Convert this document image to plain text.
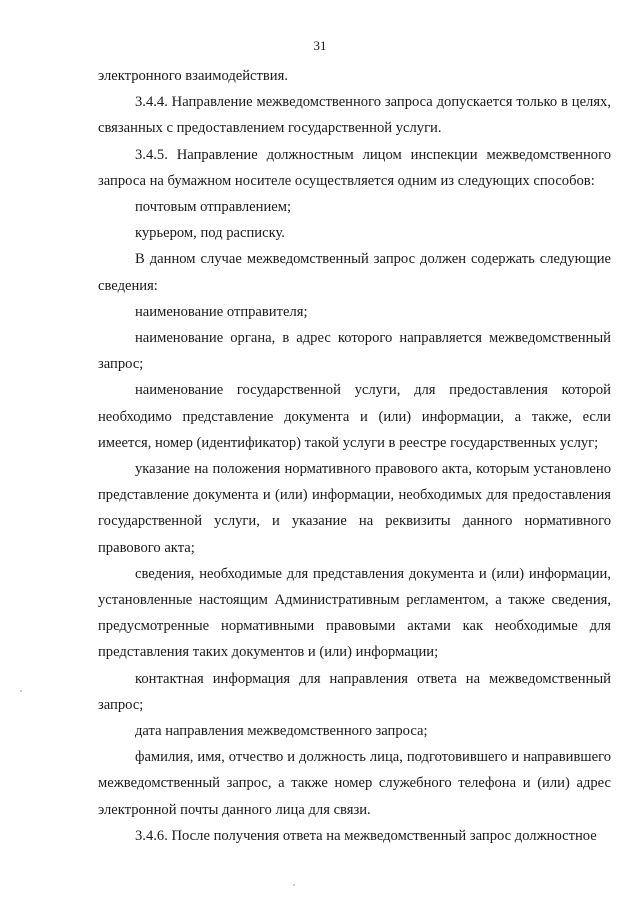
31

электронного взаимодействия.

3.4.4. Направление межведомственного запроса допускается только в целях, связанных с предоставлением государственной услуги.

3.4.5. Направление должностным лицом инспекции межведомственного запроса на бумажном носителе осуществляется одним из следующих способов:

почтовым отправлением;

курьером, под расписку.

В данном случае межведомственный запрос должен содержать следующие сведения:

наименование отправителя;

наименование органа, в адрес которого направляется межведомственный запрос;

наименование государственной услуги, для предоставления которой необходимо представление документа и (или) информации, а также, если имеется, номер (идентификатор) такой услуги в реестре государственных услуг;

указание на положения нормативного правового акта, которым установлено представление документа и (или) информации, необходимых для предоставления государственной услуги, и указание на реквизиты данного нормативного правового акта;

сведения, необходимые для представления документа и (или) информации, установленные настоящим Административным регламентом, а также сведения, предусмотренные нормативными правовыми актами как необходимые для представления таких документов и (или) информации;

контактная информация для направления ответа на межведомственный запрос;

дата направления межведомственного запроса;

фамилия, имя, отчество и должность лица, подготовившего и направившего межведомственный запрос, а также номер служебного телефона и (или) адрес электронной почты данного лица для связи.

3.4.6. После получения ответа на межведомственный запрос должностное
